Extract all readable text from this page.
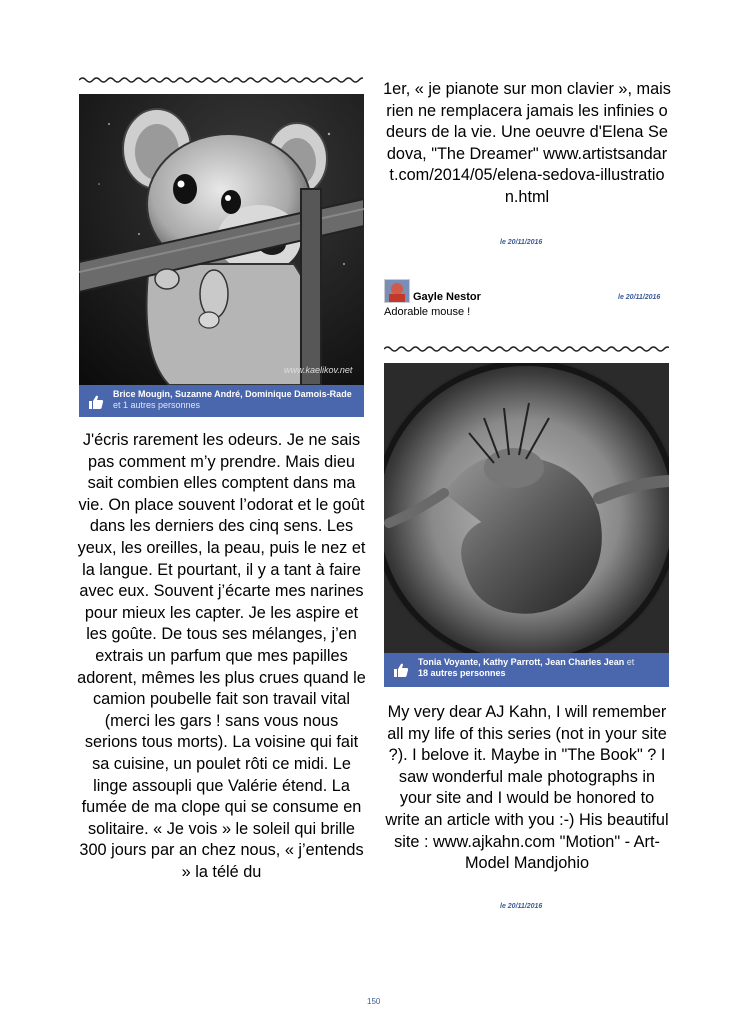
www.kaelikov.net
Brice Mougin, Suzanne André, Dominique Damois-Rade et 1 autres personnes
J'écris rarement les odeurs. Je ne sais pas comment m’y prendre. Mais dieu sait combien elles comptent dans ma vie. On place souvent l’odorat et le goût dans les derniers des cinq sens. Les yeux, les oreilles, la peau, puis le nez et la langue. Et pourtant, il y a tant à faire avec eux. Souvent j’écarte mes narines pour mieux les capter. Je les aspire et les goûte. De tous ses mélanges, j’en extrais un parfum que mes papilles adorent, mêmes les plus crues quand le camion poubelle fait son travail vital (merci les gars ! sans vous nous serions tous morts). La voisine qui fait sa cuisine, un poulet rôti ce midi. Le linge assoupli que Valérie étend. La fumée de ma clope qui se consume en solitaire. « Je vois » le soleil qui brille 300 jours par an chez nous, « j’entends » la télé du
1er, « je pianote sur mon clavier », mais rien ne remplacera jamais les infinies odeurs de la vie. Une oeuvre d'Elena Sedova, "The Dreamer" www.artistsandart.com/2014/05/elena-sedova-illustration.html
le 20/11/2016
Gayle Nestor	le 20/11/2016
Adorable mouse !
Tonia Voyante, Kathy Parrott, Jean Charles Jean et
18 autres personnes
My very dear AJ Kahn, I will remember all my life of this series (not in your site ?). I belove it. Maybe in "The Book" ? I saw wonderful male photographs in your site and I would be honored to write an article with you :-) His beautiful site : www.ajkahn.com "Motion" - Art-Model Mandjohio
le 20/11/2016
150
